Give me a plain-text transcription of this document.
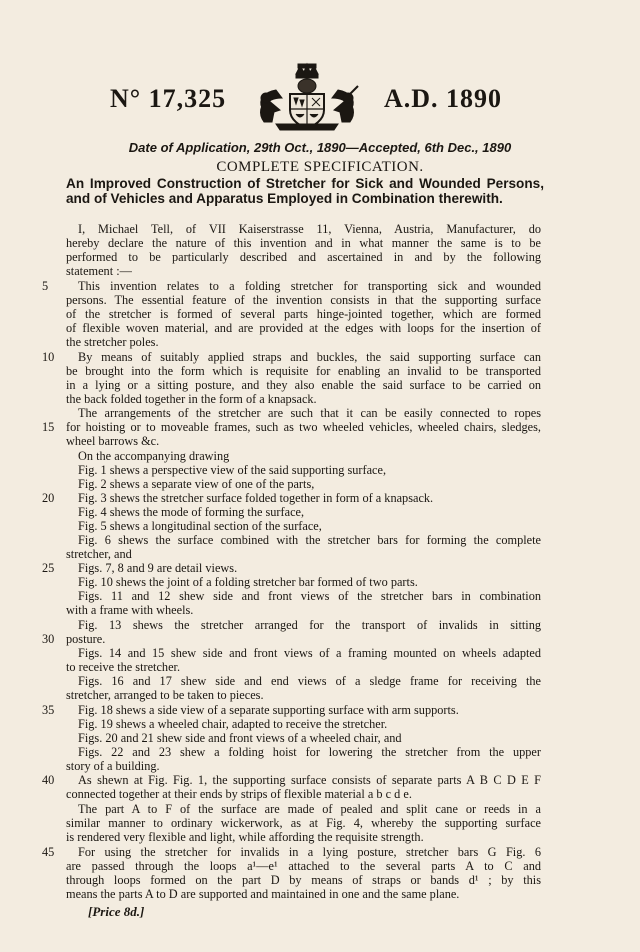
N° 17,325	A.D. 1890
Date of Application, 29th Oct., 1890—Accepted, 6th Dec., 1890
COMPLETE SPECIFICATION.
An Improved Construction of Stretcher for Sick and Wounded Persons, and of Vehicles and Apparatus Employed in Combination therewith.
I, Michael Tell, of VII Kaiserstrasse 11, Vienna, Austria, Manufacturer, do
hereby declare the nature of this invention and in what manner the same is to be
performed to be particularly described and ascertained in and by the following
statement :—
This invention relates to a folding stretcher for transporting sick and wounded
persons. The essential feature of the invention consists in that the supporting surface
of the stretcher is formed of several parts hinge-jointed together, which are formed
of flexible woven material, and are provided at the edges with loops for the insertion of
the stretcher poles.
By means of suitably applied straps and buckles, the said supporting surface can
be brought into the form which is requisite for enabling an invalid to be transported
in a lying or a sitting posture, and they also enable the said surface to be carried on
the back folded together in the form of a knapsack.
The arrangements of the stretcher are such that it can be easily connected to ropes
for hoisting or to moveable frames, such as two wheeled vehicles, wheeled chairs, sledges,
wheel barrows &c.
On the accompanying drawing
Fig. 1 shews a perspective view of the said supporting surface,
Fig. 2 shews a separate view of one of the parts,
Fig. 3 shews the stretcher surface folded together in form of a knapsack.
Fig. 4 shews the mode of forming the surface,
Fig. 5 shews a longitudinal section of the surface,
Fig. 6 shews the surface combined with the stretcher bars for forming the complete
stretcher, and
Figs. 7, 8 and 9 are detail views.
Fig. 10 shews the joint of a folding stretcher bar formed of two parts.
Figs. 11 and 12 shew side and front views of the stretcher bars in combination
with a frame with wheels.
Fig. 13 shews the stretcher arranged for the transport of invalids in sitting
posture.
Figs. 14 and 15 shew side and front views of a framing mounted on wheels adapted
to receive the stretcher.
Figs. 16 and 17 shew side and end views of a sledge frame for receiving the
stretcher, arranged to be taken to pieces.
Fig. 18 shews a side view of a separate supporting surface with arm supports.
Fig. 19 shews a wheeled chair, adapted to receive the stretcher.
Figs. 20 and 21 shew side and front views of a wheeled chair, and
Figs. 22 and 23 shew a folding hoist for lowering the stretcher from the upper
story of a building.
As shewn at Fig. Fig. 1, the supporting surface consists of separate parts A B C D E F
connected together at their ends by strips of flexible material a b c d e.
The part A to F of the surface are made of pealed and split cane or reeds in a
similar manner to ordinary wickerwork, as at Fig. 4, whereby the supporting surface
is rendered very flexible and light, while affording the requisite strength.
For using the stretcher for invalids in a lying posture, stretcher bars G Fig. 6
are passed through the loops a¹—e¹ attached to the several parts A to C and
through loops formed on the part D by means of straps or bands d¹ ; by this
means the parts A to D are supported and maintained in one and the same plane.
5
10
15
20
25
30
35
40
45
[Price 8d.]
